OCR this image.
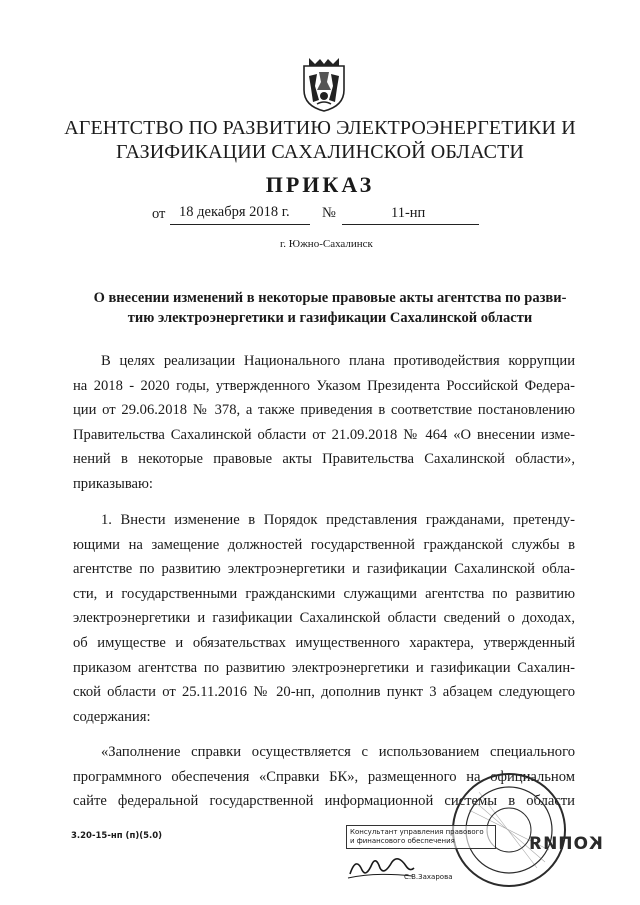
АГЕНТСТВО ПО РАЗВИТИЮ ЭЛЕКТРОЭНЕРГЕТИКИ И
ГАЗИФИКАЦИИ САХАЛИНСКОЙ ОБЛАСТИ
ПРИКАЗ
от 18 декабря 2018 г. №	11-нп
г. Южно-Сахалинск
О внесении изменений в некоторые правовые акты агентства по разви-
тию электроэнергетики и газификации Сахалинской области
В целях реализации Национального плана противодействия коррупции
на 2018 - 2020 годы, утвержденного Указом Президента Российской Федера-
ции от 29.06.2018 № 378, а также приведения в соответствие постановлению
Правительства Сахалинской области от 21.09.2018 № 464 «О внесении изме-
нений в некоторые правовые акты Правительства Сахалинской области»,
приказываю:
1. Внести изменение в Порядок представления гражданами, претенду-
ющими на замещение должностей государственной гражданской службы в
агентстве по развитию электроэнергетики и газификации Сахалинской обла-
сти, и государственными гражданскими служащими агентства по развитию
электроэнергетики и газификации Сахалинской области сведений о доходах,
об имуществе и обязательствах имущественного характера, утвержденный
приказом агентства по развитию электроэнергетики и газификации Сахалин-
ской области от 25.11.2016 № 20-нп, дополнив пункт 3 абзацем следующего
содержания:
«Заполнение справки осуществляется с использованием специального
программного обеспечения «Справки БК», размещенного на официальном
сайте федеральной государственной информационной системы в области
3.20-15-нп (п)(5.0)	Консультант управления правового
и финансового обеспечения
С.В.Захарова
КОПИЯ
